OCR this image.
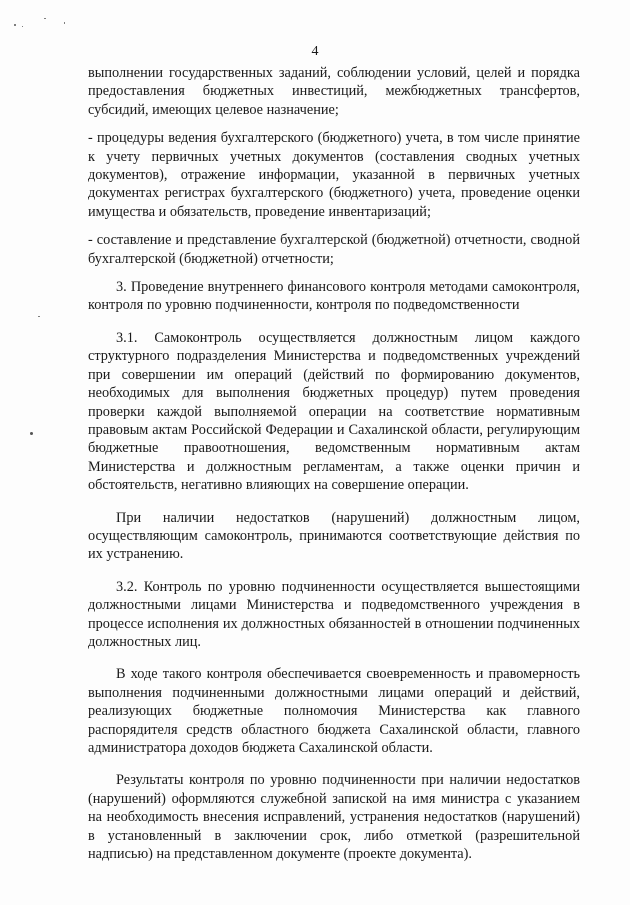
4

выполнении государственных заданий, соблюдении условий, целей и порядка предоставления бюджетных инвестиций, межбюджетных трансфертов, субсидий, имеющих целевое назначение;

- процедуры ведения бухгалтерского (бюджетного) учета, в том числе принятие к учету первичных учетных документов (составления сводных учетных документов), отражение информации, указанной в первичных учетных документах регистрах бухгалтерского (бюджетного) учета, проведение оценки имущества и обязательств, проведение инвентаризаций;

- составление и представление бухгалтерской (бюджетной) отчетности, сводной бухгалтерской (бюджетной) отчетности;

3. Проведение внутреннего финансового контроля методами самоконтроля, контроля по уровню подчиненности, контроля по подведомственности

3.1. Самоконтроль осуществляется должностным лицом каждого структурного подразделения Министерства и подведомственных учреждений при совершении им операций (действий по формированию документов, необходимых для выполнения бюджетных процедур) путем проведения проверки каждой выполняемой операции на соответствие нормативным правовым актам Российской Федерации и Сахалинской области, регулирующим бюджетные правоотношения, ведомственным нормативным актам Министерства и должностным регламентам, а также оценки причин и обстоятельств, негативно влияющих на совершение операции.

При наличии недостатков (нарушений) должностным лицом, осуществляющим самоконтроль, принимаются соответствующие действия по их устранению.

3.2. Контроль по уровню подчиненности осуществляется вышестоящими должностными лицами Министерства и подведомственного учреждения в процессе исполнения их должностных обязанностей в отношении подчиненных должностных лиц.

В ходе такого контроля обеспечивается своевременность и правомерность выполнения подчиненными должностными лицами операций и действий, реализующих бюджетные полномочия Министерства как главного распорядителя средств областного бюджета Сахалинской области, главного администратора доходов бюджета Сахалинской области.

Результаты контроля по уровню подчиненности при наличии недостатков (нарушений) оформляются служебной запиской на имя министра с указанием на необходимость внесения исправлений, устранения недостатков (нарушений) в установленный в заключении срок, либо отметкой (разрешительной надписью) на представленном документе (проекте документа).
